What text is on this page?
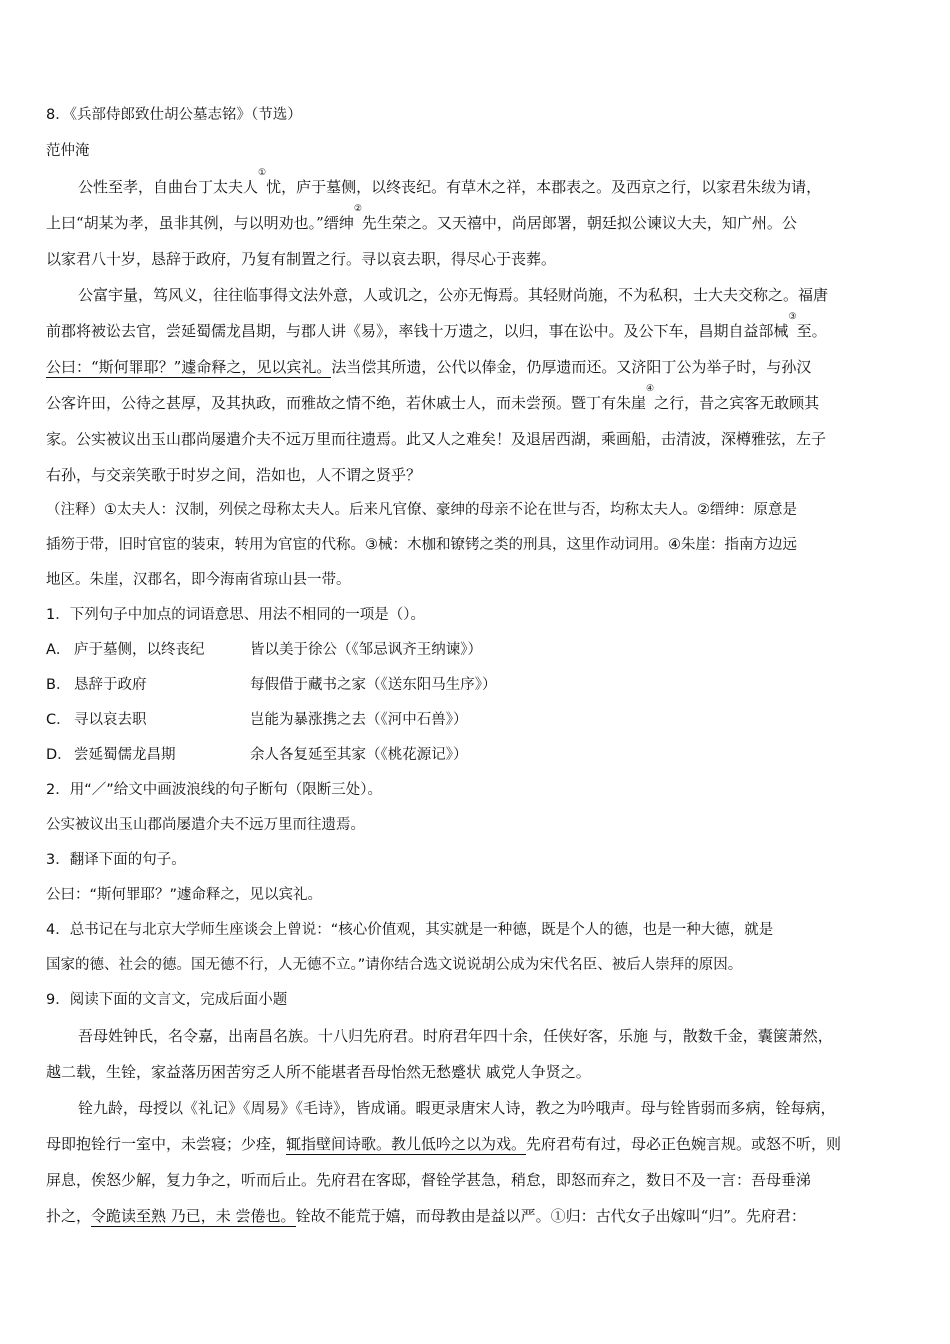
8．《兵部侍郎致仕胡公墓志铭》（节选）
范仲淹
公性至孝，自曲台丁太夫人①忧，庐于墓侧，以终丧纪。有草木之祥，本郡表之。及西京之行，以家君朱绂为请，
上曰“胡某为孝，虽非其例，与以明劝也。”缙绅②先生荣之。又天禧中，尚居郎署，朝廷拟公谏议大夫，知广州。公
以家君八十岁，恳辞于政府，乃复有制置之行。寻以哀去职，得尽心于丧葬。
公富宇量，笃风义，往往临事得文法外意，人或讥之，公亦无悔焉。其轻财尚施，不为私积，士大夫交称之。福唐
前郡将被讼去官，尝延蜀儒龙昌期，与郡人讲《易》，率钱十万遗之，以归，事在讼中。及公下车，昌期自益部械③至。
公曰：“斯何罪耶？”遽命释之，见以宾礼。法当偿其所遗，公代以俸金，仍厚遗而还。又济阳丁公为举子时，与孙汉
公客许田，公待之甚厚，及其执政，而雅故之情不绝，若休戚士人，而未尝预。暨丁有朱崖④之行，昔之宾客无敢顾其
家。公实被议出玉山郡尚屡遣介夫不远万里而往遗焉。此又人之难矣！及退居西湖，乘画船，击清波，深樽雅弦，左子
右孙，与交亲笑歌于时岁之间，浩如也，人不谓之贤乎？
（注释）①太夫人：汉制，列侯之母称太夫人。后来凡官僚、豪绅的母亲不论在世与否，均称太夫人。②缙绅：原意是
插笏于带，旧时官宦的装束，转用为官宦的代称。③械：木枷和镣铐之类的刑具，这里作动词用。④朱崖：指南方边远
地区。朱崖，汉郡名，即今海南省琼山县一带。
1．下列句子中加点的词语意思、用法不相同的一项是（）。
A． 庐于墓侧，以终丧纪	皆以美于徐公（《邹忌讽齐王纳谏》）
B． 恳辞于政府	每假借于藏书之家（《送东阳马生序》）
C． 寻以哀去职	岂能为暴涨携之去（《河中石兽》）
D． 尝延蜀儒龙昌期	余人各复延至其家（《桃花源记》）
2．用“／”给文中画波浪线的句子断句（限断三处）。
公实被议出玉山郡尚屡遣介夫不远万里而往遗焉。
3．翻译下面的句子。
公曰：“斯何罪耶？”遽命释之，见以宾礼。
4．总书记在与北京大学师生座谈会上曾说：“核心价值观，其实就是一种德，既是个人的德，也是一种大德，就是
国家的德、社会的德。国无德不行，人无德不立。”请你结合选文说说胡公成为宋代名臣、被后人崇拜的原因。
9．阅读下面的文言文，完成后面小题
吾母姓钟氏，名令嘉，出南昌名族。十八归先府君。时府君年四十余，任侠好客，乐施 与，散数千金，囊箧萧然，
越二载，生铨，家益落历困苦穷乏人所不能堪者吾母怡然无愁蹙状 戚党人争贤之。
铨九龄，母授以《礼记》《周易》《毛诗》，皆成诵。暇更录唐宋人诗，教之为吟哦声。母与铨皆弱而多病，铨每病，
母即抱铨行一室中，未尝寝；少痊，辄指壁间诗歌。教儿低吟之以为戏。先府君苟有过，母必正色婉言规。或怒不听，则
屏息，俟怒少解，复力争之，听而后止。先府君在客邸，督铨学甚急，稍怠，即怒而弃之，数日不及一言：吾母垂涕
扑之，令跪读至熟 乃已，未 尝倦也。铨故不能荒于嬉，而母教由是益以严。①归：古代女子出嫁叫“归”。先府君：
